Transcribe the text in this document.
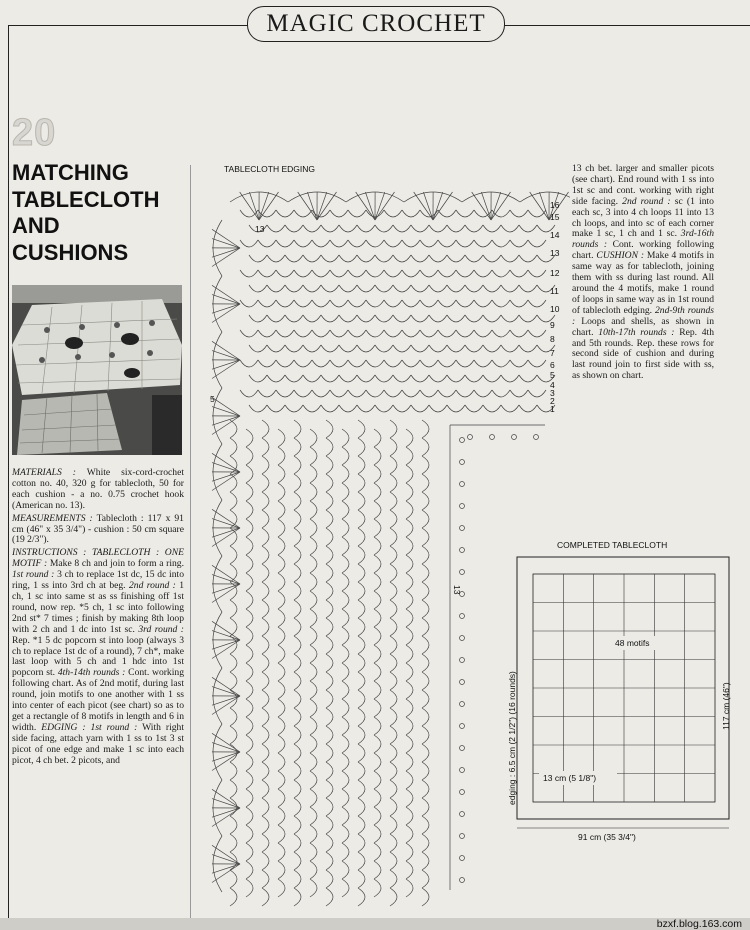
MAGIC CROCHET
20
MATCHING
TABLECLOTH
AND
CUSHIONS

MATERIALS : White six-cord-crochet cotton no. 40, 320 g for tablecloth, 50 for each cushion - a no. 0.75 crochet hook (American no. 13).

MEASUREMENTS : Tablecloth : 117 x 91 cm (46" x 35 3/4") - cushion : 50 cm square (19 2/3").

INSTRUCTIONS : TABLECLOTH : ONE MOTIF : Make 8 ch and join to form a ring. 1st round : 3 ch to replace 1st dc, 15 dc into ring, 1 ss into 3rd ch at beg. 2nd round : 1 ch, 1 sc into same st as ss finishing off 1st round, now rep. *5 ch, 1 sc into following 2nd st* 7 times ; finish by making 8th loop with 2 ch and 1 dc into 1st sc. 3rd round : Rep. *1 5 dc popcorn st into loop (always 3 ch to replace 1st dc of a round), 7 ch*, make last loop with 5 ch and 1 hdc into 1st popcorn st. 4th-14th rounds : Cont. working following chart. As of 2nd motif, during last round, join motifs to one another with 1 ss into center of each picot (see chart) so as to get a rectangle of 8 motifs in length and 6 in width. EDGING : 1st round : With right side facing, attach yarn with 1 ss to 1st 3 st picot of one edge and make 1 sc into each picot, 4 ch bet. 2 picots, and

TABLECLOTH EDGING
16
15
14
13
12
11
10
9
8
7
6
5
4
3
2
1
13
5
13

13 ch bet. larger and smaller picots (see chart). End round with 1 ss into 1st sc and cont. working with right side facing. 2nd round : sc (1 into each sc, 3 into 4 ch loops 11 into 13 ch loops, and into sc of each corner make 1 sc, 1 ch and 1 sc. 3rd-16th rounds : Cont. working following chart. CUSHION : Make 4 motifs in same way as for tablecloth, joining them with ss during last round. All around the 4 motifs, make 1 round of loops in same way as in 1st round of tablecloth edging. 2nd-9th rounds : Loops and shells, as shown in chart. 10th-17th rounds : Rep. 4th and 5th rounds. Rep. these rows for second side of cushion and during last round join to first side with ss, as shown on chart.

COMPLETED TABLECLOTH
48 motifs
13 cm (5 1/8")
91 cm (35 3/4")
117 cm (46")
edging : 6.5 cm (2 1/2") (16 rounds)
bzxf.blog.163.com
